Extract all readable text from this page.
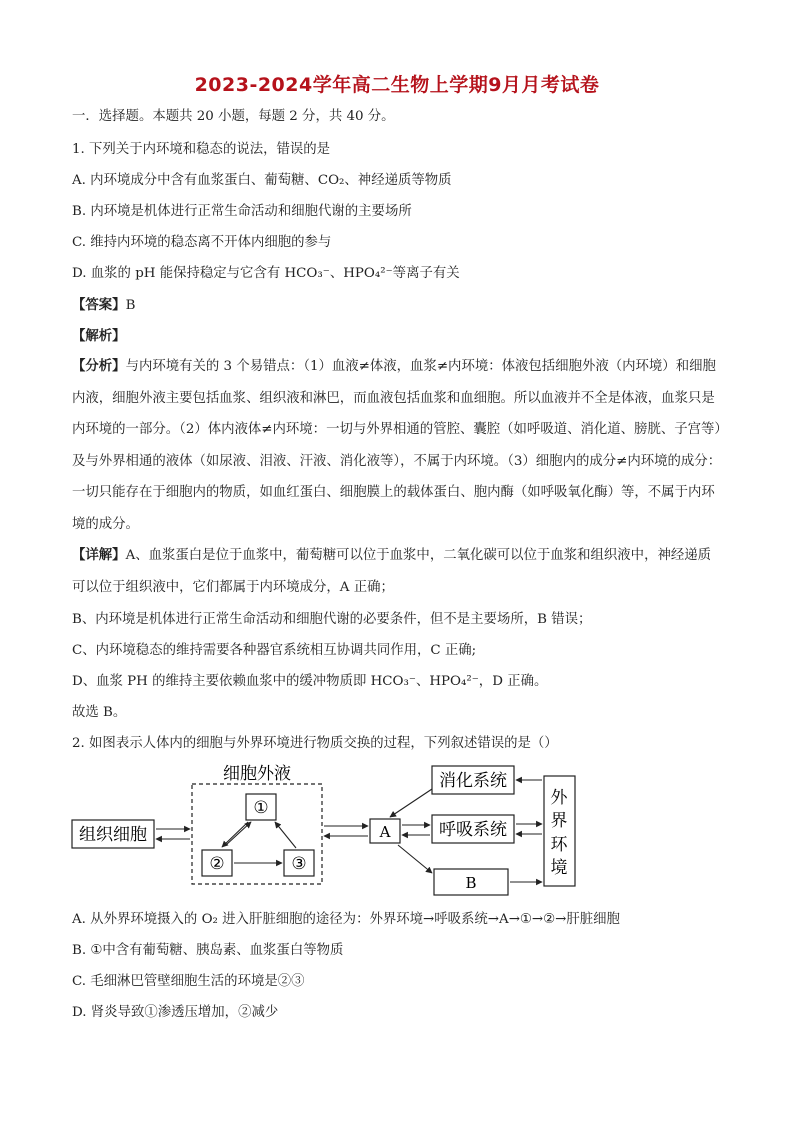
2023-2024学年高二生物上学期9月月考试卷
一．选择题。本题共 20 小题，每题 2 分，共 40 分。
1. 下列关于内环境和稳态的说法，错误的是
A. 内环境成分中含有血浆蛋白、葡萄糖、CO₂、神经递质等物质
B. 内环境是机体进行正常生命活动和细胞代谢的主要场所
C. 维持内环境的稳态离不开体内细胞的参与
D. 血浆的 pH 能保持稳定与它含有 HCO₃⁻、HPO₄²⁻等离子有关
【答案】B
【解析】
【分析】与内环境有关的 3 个易错点：（1）血液≠体液，血浆≠内环境：体液包括细胞外液（内环境）和细胞内液，细胞外液主要包括血浆、组织液和淋巴，而血液包括血浆和血细胞。所以血液并不全是体液，血浆只是内环境的一部分。（2）体内液体≠内环境：一切与外界相通的管腔、囊腔（如呼吸道、消化道、膀胱、子宫等）及与外界相通的液体（如尿液、泪液、汗液、消化液等），不属于内环境。（3）细胞内的成分≠内环境的成分：一切只能存在于细胞内的物质，如血红蛋白、细胞膜上的载体蛋白、胞内酶（如呼吸氧化酶）等，不属于内环境的成分。
【详解】A、血浆蛋白是位于血浆中，葡萄糖可以位于血浆中，二氧化碳可以位于血浆和组织液中，神经递质可以位于组织液中，它们都属于内环境成分，A 正确；
B、内环境是机体进行正常生命活动和细胞代谢的必要条件，但不是主要场所，B 错误；
C、内环境稳态的维持需要各种器官系统相互协调共同作用，C 正确;
D、血浆 PH 的维持主要依赖血浆中的缓冲物质即 HCO₃⁻、HPO₄²⁻，D 正确。
故选 B。
2. 如图表示人体内的细胞与外界环境进行物质交换的过程，下列叙述错误的是（）
细胞外液
①
②	③
组织细胞	A
消化系统
呼吸系统
B
外
界
环
境
A. 从外界环境摄入的 O₂ 进入肝脏细胞的途径为：外界环境→呼吸系统→A→①→②→肝脏细胞
B. ①中含有葡萄糖、胰岛素、血浆蛋白等物质
C. 毛细淋巴管壁细胞生活的环境是②③
D. 肾炎导致①渗透压增加，②减少
